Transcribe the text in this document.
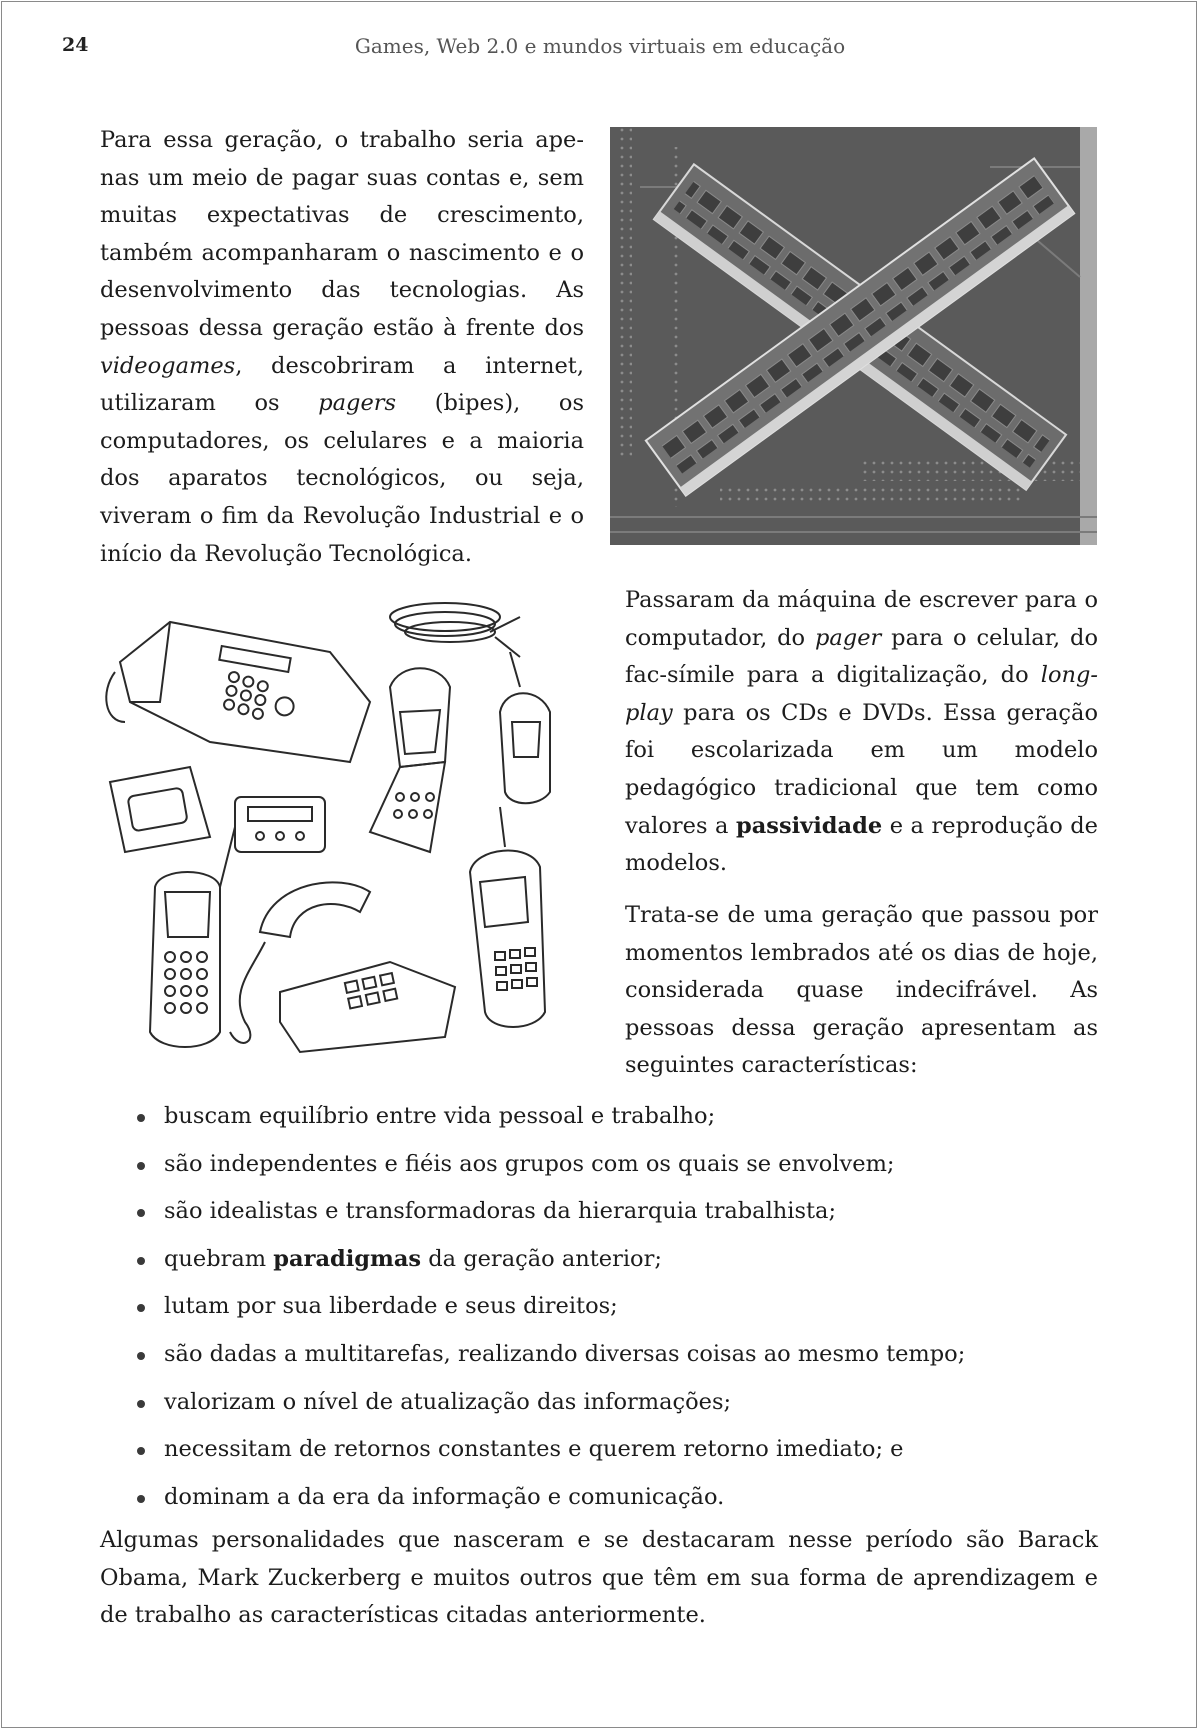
24	Games, Web 2.0 e mundos virtuais em educação

Para essa geração, o trabalho seria apenas um meio de pagar suas contas e, sem muitas expectativas de crescimento, também acompanharam o nascimento e o desenvolvimento das tecnologias. As pessoas dessa geração estão à frente dos videogames, descobriram a internet, utilizaram os pagers (bipes), os computadores, os celulares e a maioria dos aparatos tecnológicos, ou seja, viveram o fim da Revolução Industrial e o início da Revolução Tecnológica.

Passaram da máquina de escrever para o computador, do pager para o celular, do fac-símile para a digitalização, do long-play para os CDs e DVDs. Essa geração foi escolarizada em um modelo pedagógico tradicional que tem como valores a passividade e a reprodução de modelos.

Trata-se de uma geração que passou por momentos lembrados até os dias de hoje, considerada quase indecifrável. As pessoas dessa geração apresentam as seguintes características:

buscam equilíbrio entre vida pessoal e trabalho;
são independentes e fiéis aos grupos com os quais se envolvem;
são idealistas e transformadoras da hierarquia trabalhista;
quebram paradigmas da geração anterior;
lutam por sua liberdade e seus direitos;
são dadas a multitarefas, realizando diversas coisas ao mesmo tempo;
valorizam o nível de atualização das informações;
necessitam de retornos constantes e querem retorno imediato; e
dominam a da era da informação e comunicação.

Algumas personalidades que nasceram e se destacaram nesse período são Barack Obama, Mark Zuckerberg e muitos outros que têm em sua forma de aprendizagem e de trabalho as características citadas anteriormente.
